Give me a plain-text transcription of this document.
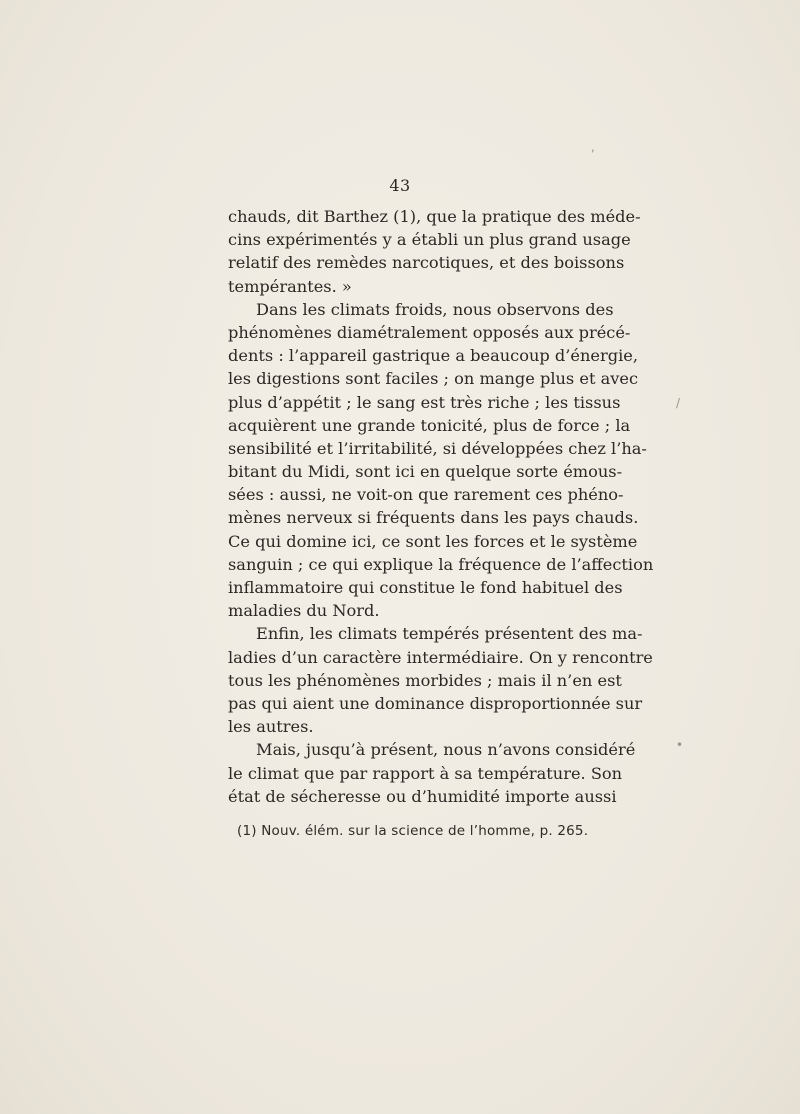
43
chauds, dit Barthez (1), que la pratique des méde-
cins expérimentés y a établi un plus grand usage
relatif des remèdes narcotiques, et des boissons
tempérantes. »
Dans les climats froids, nous observons des
phénomènes diamétralement opposés aux précé-
dents : l’appareil gastrique a beaucoup d’énergie,
les digestions sont faciles ; on mange plus et avec
plus d’appétit ; le sang est très riche ; les tissus
acquièrent une grande tonicité, plus de force ; la
sensibilité et l’irritabilité, si développées chez l’ha-
bitant du Midi, sont ici en quelque sorte émous-
sées : aussi, ne voit-on que rarement ces phéno-
mènes nerveux si fréquents dans les pays chauds.
Ce qui domine ici, ce sont les forces et le système
sanguin ; ce qui explique la fréquence de l’affection
inflammatoire qui constitue le fond habituel des
maladies du Nord.
Enfin, les climats tempérés présentent des ma-
ladies d’un caractère intermédiaire. On y rencontre
tous les phénomènes morbides ; mais il n’en est
pas qui aient une dominance disproportionnée sur
les autres.
Mais, jusqu’à présent, nous n’avons considéré
le climat que par rapport à sa température. Son
état de sécheresse ou d’humidité importe aussi
(1) Nouv. élém. sur la science de l’homme, p. 265.
,
/
•
